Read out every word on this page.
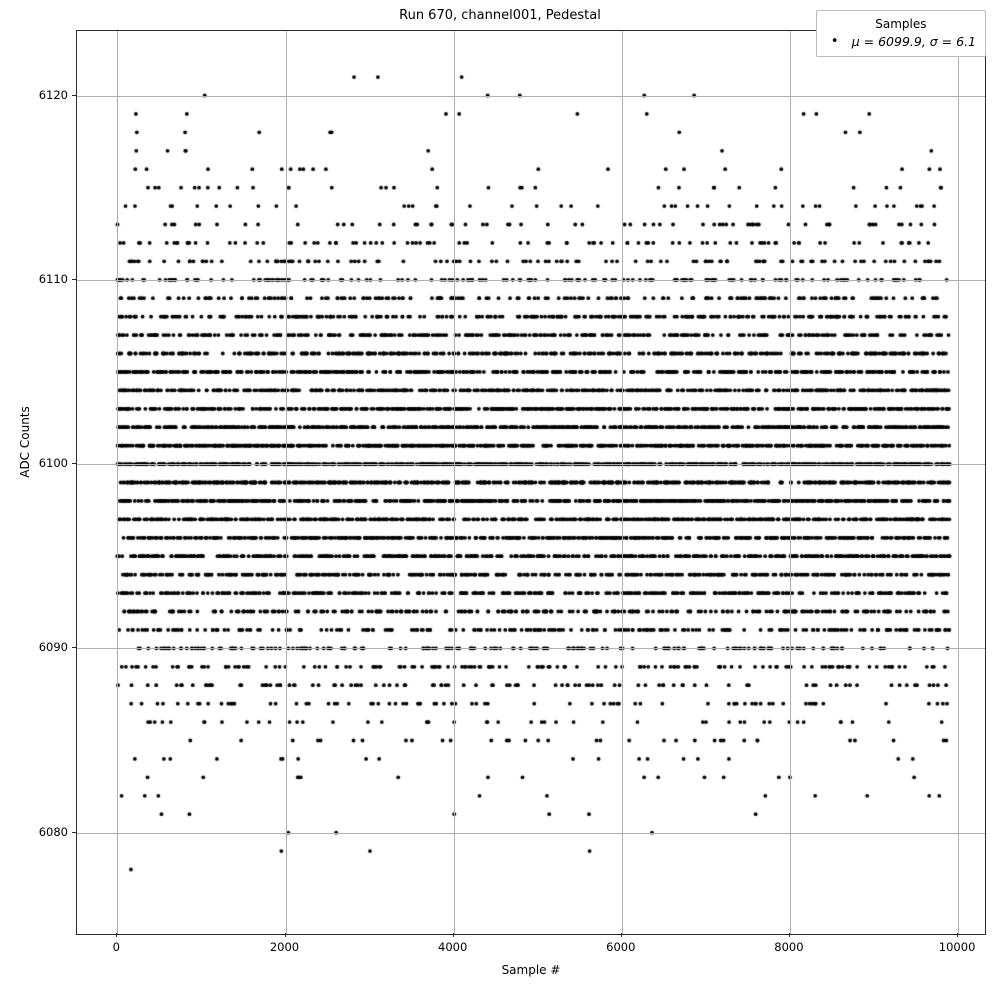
Run 670, channel001, Pedestal
Sample #
ADC Counts
Samples
•	μ = 6099.9, σ = 6.1
0	2000	4000	6000	8000	10000
6080
6090
6100
6110
6120
